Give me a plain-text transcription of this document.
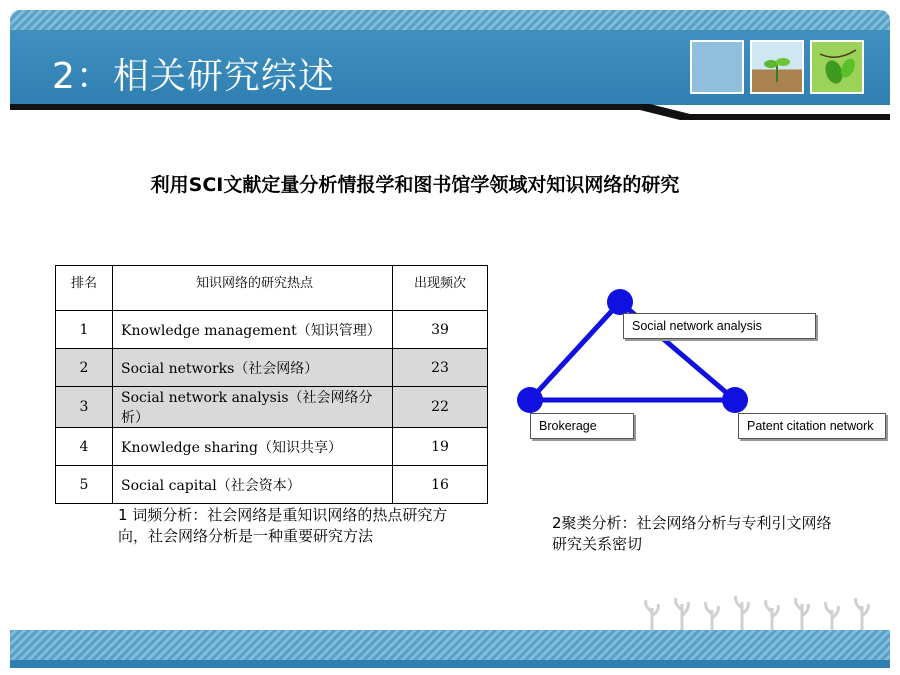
2：相关研究综述
利用SCI文献定量分析情报学和图书馆学领域对知识网络的研究
排名	知识网络的研究热点	出现频次
1	Knowledge management（知识管理）	39
2	Social networks（社会网络）	23
3	Social network analysis（社会网络分析）	22
4	Knowledge sharing（知识共享）	19
5	Social capital（社会资本）	16
1 词频分析：社会网络是重知识网络的热点研究方向，社会网络分析是一种重要研究方法
2聚类分析：社会网络分析与专利引文网络研究关系密切
Social network analysis
Brokerage	Patent citation network
